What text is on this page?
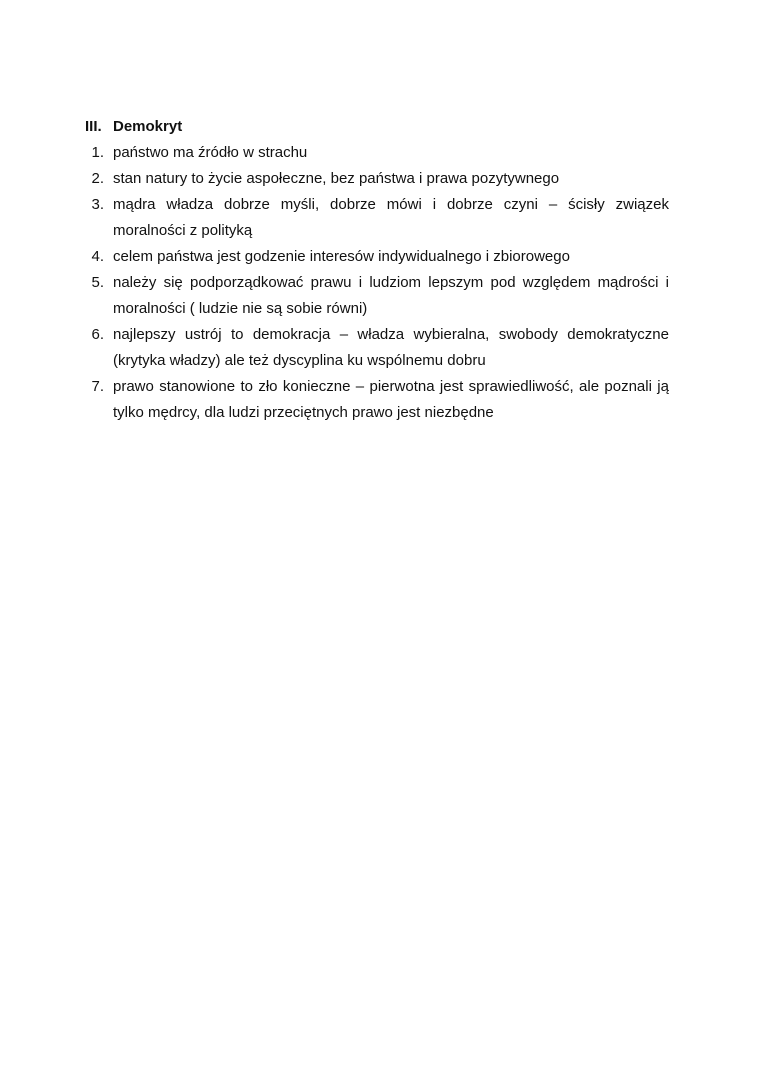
III. Demokryt
1. państwo ma źródło w strachu
2. stan natury to życie aspołeczne, bez państwa i prawa pozytywnego
3. mądra władza dobrze myśli, dobrze mówi i dobrze czyni – ścisły związek moralności z polityką
4. celem państwa jest godzenie interesów indywidualnego i zbiorowego
5. należy się podporządkować prawu i ludziom lepszym pod względem mądrości i moralności ( ludzie nie są sobie równi)
6. najlepszy ustrój to demokracja – władza wybieralna, swobody demokratyczne (krytyka władzy) ale też dyscyplina ku wspólnemu dobru
7. prawo stanowione to zło konieczne – pierwotna jest sprawiedliwość, ale poznali ją tylko mędrcy, dla ludzi przeciętnych prawo jest niezbędne
